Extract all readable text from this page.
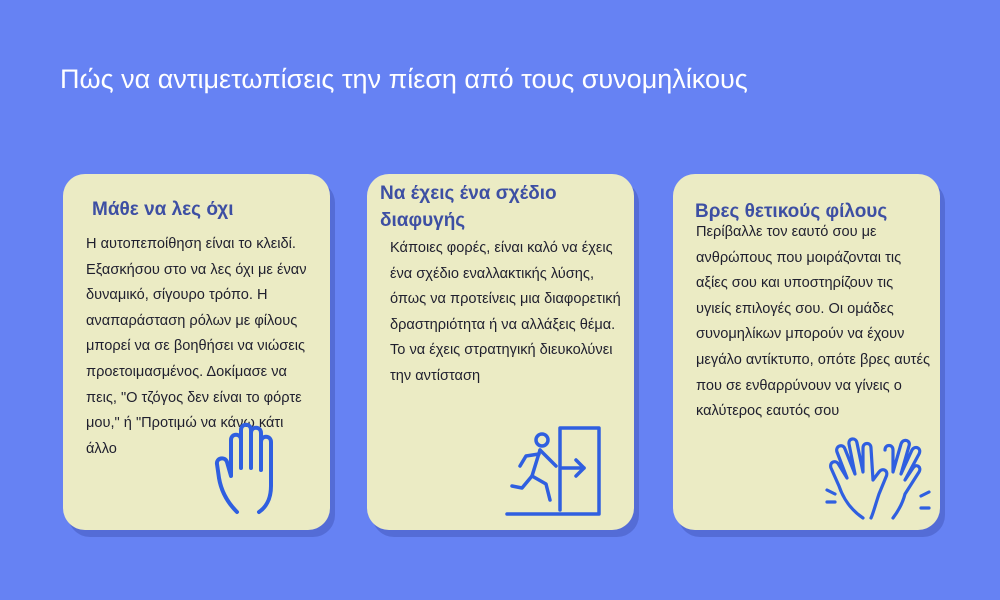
Πώς να αντιμετωπίσεις την πίεση από τους συνομηλίκους
Μάθε να λες όχι

Η αυτοπεποίθηση είναι το κλειδί. Εξασκήσου στο να λες όχι με έναν δυναμικό, σίγουρο τρόπο. Η αναπαράσταση ρόλων με φίλους μπορεί να σε βοηθήσει να νιώσεις προετοιμασμένος. Δοκίμασε να πεις, "Ο τζόγος δεν είναι το φόρτε μου," ή "Προτιμώ να κάνω κάτι άλλο

Να έχεις ένα σχέδιο διαφυγής

Κάποιες φορές, είναι καλό να έχεις ένα σχέδιο εναλλακτικής λύσης, όπως να προτείνεις μια διαφορετική δραστηριότητα ή να αλλάξεις θέμα. Το να έχεις στρατηγική διευκολύνει την αντίσταση

Βρες θετικούς φίλους

Περίβαλλε τον εαυτό σου με ανθρώπους που μοιράζονται τις αξίες σου και υποστηρίζουν τις υγιείς επιλογές σου. Οι ομάδες συνομηλίκων μπορούν να έχουν μεγάλο αντίκτυπο, οπότε βρες αυτές που σε ενθαρρύνουν να γίνεις ο καλύτερος εαυτός σου
